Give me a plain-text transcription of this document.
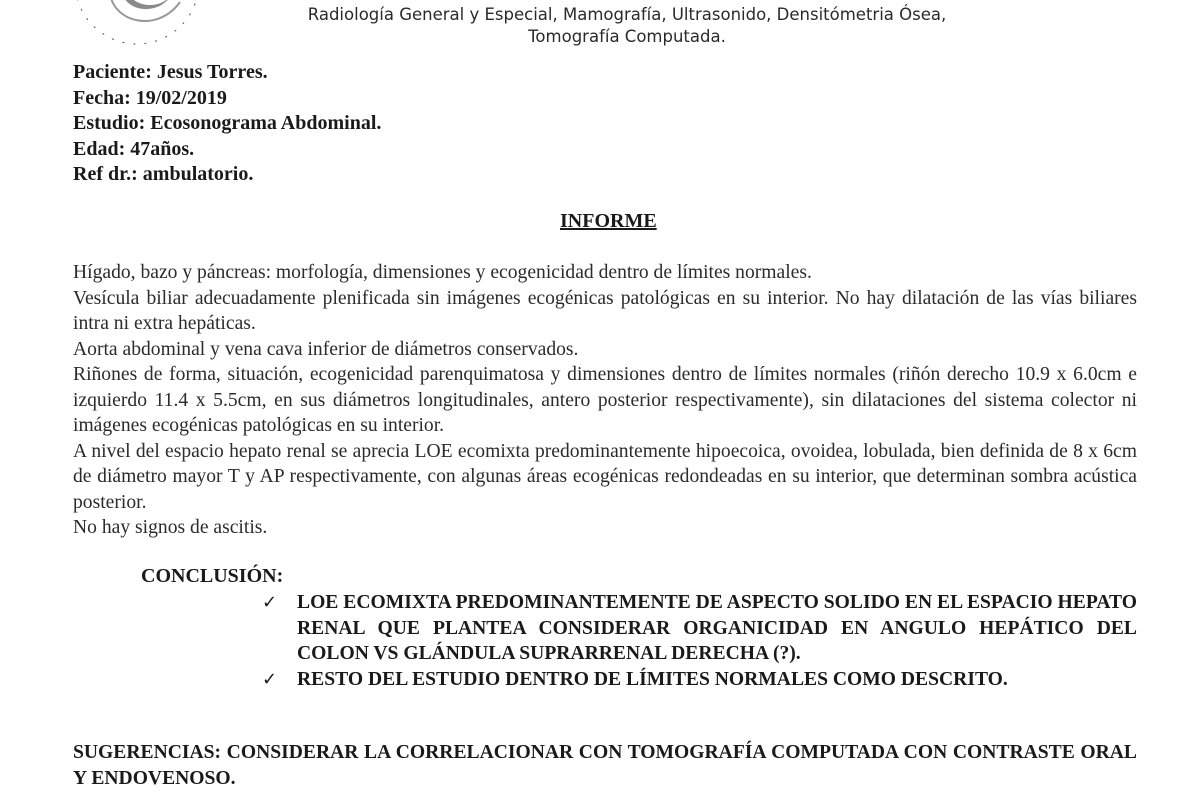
Radiología General y Especial, Mamografía, Ultrasonido, Densitómetria Ósea, Tomografía Computada.
Paciente: Jesus Torres.
Fecha: 19/02/2019
Estudio: Ecosonograma Abdominal.
Edad: 47años.
Ref dr.: ambulatorio.
INFORME

Hígado, bazo y páncreas: morfología, dimensiones y ecogenicidad dentro de límites normales.

Vesícula biliar adecuadamente plenificada sin imágenes ecogénicas patológicas en su interior. No hay dilatación de las vías biliares intra ni extra hepáticas.

Aorta abdominal y vena cava inferior de diámetros conservados.

Riñones de forma, situación, ecogenicidad parenquimatosa y dimensiones dentro de límites normales (riñón derecho 10.9 x 6.0cm e izquierdo 11.4 x 5.5cm, en sus diámetros longitudinales, antero posterior respectivamente), sin dilataciones del sistema colector ni imágenes ecogénicas patológicas en su interior.

A nivel del espacio hepato renal se aprecia LOE ecomixta predominantemente hipoecoica, ovoidea, lobulada, bien definida de 8 x 6cm de diámetro mayor T y AP respectivamente, con algunas áreas ecogénicas redondeadas en su interior, que determinan sombra acústica posterior.

No hay signos de ascitis.

CONCLUSIÓN:
✓ LOE ECOMIXTA PREDOMINANTEMENTE DE ASPECTO SOLIDO EN EL ESPACIO HEPATO RENAL QUE PLANTEA CONSIDERAR ORGANICIDAD EN ANGULO HEPÁTICO DEL COLON VS GLÁNDULA SUPRARRENAL DERECHA (?).
✓ RESTO DEL ESTUDIO DENTRO DE LÍMITES NORMALES COMO DESCRITO.
SUGERENCIAS: CONSIDERAR LA CORRELACIONAR CON TOMOGRAFÍA COMPUTADA CON CONTRASTE ORAL Y ENDOVENOSO.
